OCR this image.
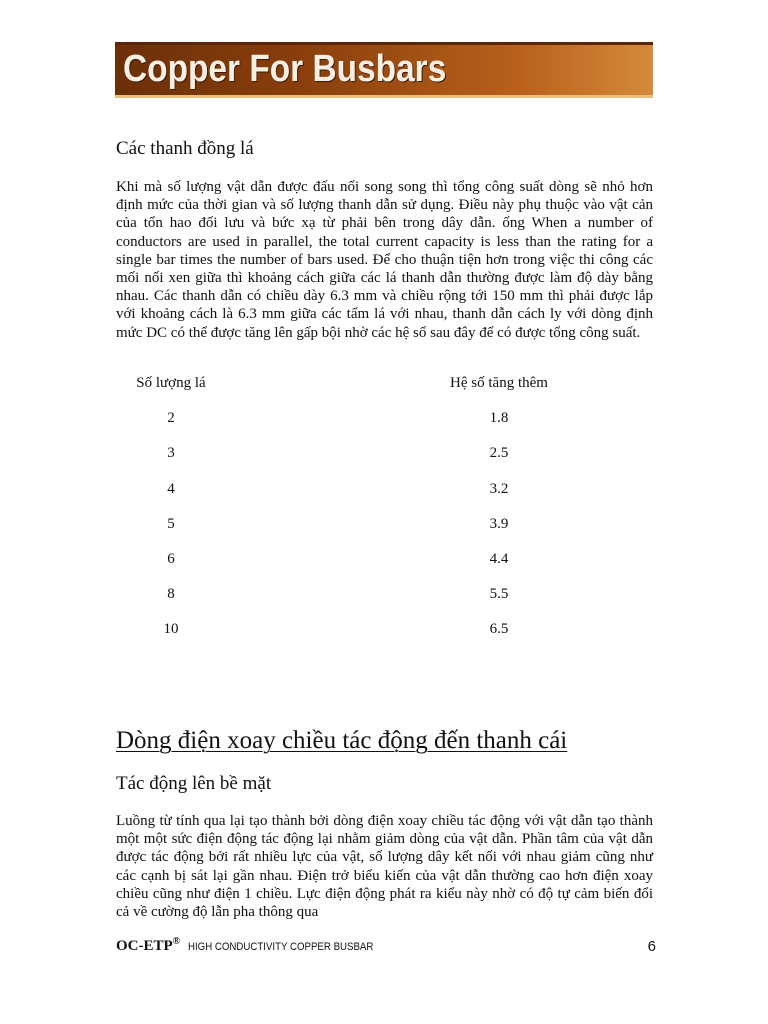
Copper For Busbars
Các thanh đồng lá
Khi mà số lượng vật dẫn được đấu nối song song thì tổng công suất dòng sẽ nhỏ hơn định mức của thời gian và số lượng thanh dẫn sử dụng. Điều này phụ thuộc vào vật cản của tổn hao đối lưu và bức xạ từ phải bên trong dây dẫn. ống When a number of conductors are used in parallel, the total current capacity is less than the rating for a single bar times the number of bars used. Để cho thuận tiện hơn trong việc thi công các mối nối xen giữa thì khoảng cách giữa các lá thanh dẫn thường được làm độ dày bằng nhau. Các thanh dẫn có chiều dày 6.3 mm và chiều rộng tới 150 mm thì phải được lắp với khoảng cách là 6.3 mm giữa các tấm lá với nhau, thanh dẫn cách ly với dòng định mức DC có thể được tăng lên gấp bội nhờ các hệ số sau đây để có được tổng công suất.
Số lượng lá	Hệ số tăng thêm
2	1.8
3	2.5
4	3.2
5	3.9
6	4.4
8	5.5
10	6.5
Dòng điện xoay chiều tác động đến thanh cái
Tác động lên bề mặt
Luồng từ tính qua lại tạo thành bởi dòng điện xoay chiều tác động với vật dẫn tạo thành một một sức điện động tác động lại nhằm giảm dòng của vật dẫn. Phần tâm của vật dẫn được tác động bởi rất nhiều lực của vật, số lượng dây kết nối với nhau giảm cũng như các cạnh bị sát lại gần nhau. Điện trở biểu kiến của vật dẫn thường cao hơn điện xoay chiều cũng như điện 1 chiều. Lực điện động phát ra kiểu này nhờ có độ tự cảm biến đổi cả về cường độ lẫn pha thông qua
OC-ETP® HIGH CONDUCTIVITY COPPER BUSBAR	6
